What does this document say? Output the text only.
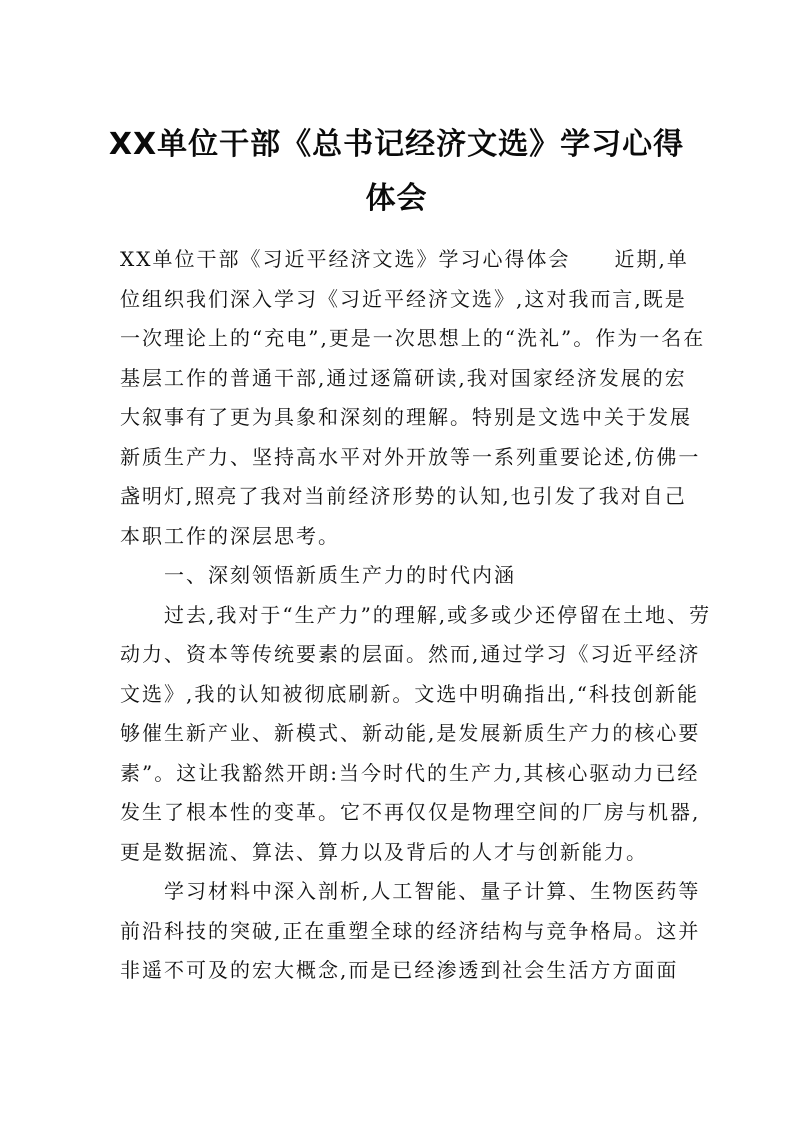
XX单位干部《总书记经济文选》学习心得
体会
XX单位干部《习近平经济文选》学习心得体会 近期,单
位组织我们深入学习《习近平经济文选》,这对我而言,既是
一次理论上的“充电”,更是一次思想上的“洗礼”。作为一名在
基层工作的普通干部,通过逐篇研读,我对国家经济发展的宏
大叙事有了更为具象和深刻的理解。特别是文选中关于发展
新质生产力、坚持高水平对外开放等一系列重要论述,仿佛一
盏明灯,照亮了我对当前经济形势的认知,也引发了我对自己
本职工作的深层思考。
一、深刻领悟新质生产力的时代内涵
过去,我对于“生产力”的理解,或多或少还停留在土地、劳
动力、资本等传统要素的层面。然而,通过学习《习近平经济
文选》,我的认知被彻底刷新。文选中明确指出,“科技创新能
够催生新产业、新模式、新动能,是发展新质生产力的核心要
素”。这让我豁然开朗:当今时代的生产力,其核心驱动力已经
发生了根本性的变革。它不再仅仅是物理空间的厂房与机器,
更是数据流、算法、算力以及背后的人才与创新能力。
学习材料中深入剖析,人工智能、量子计算、生物医药等
前沿科技的突破,正在重塑全球的经济结构与竞争格局。这并
非遥不可及的宏大概念,而是已经渗透到社会生活方方面面
